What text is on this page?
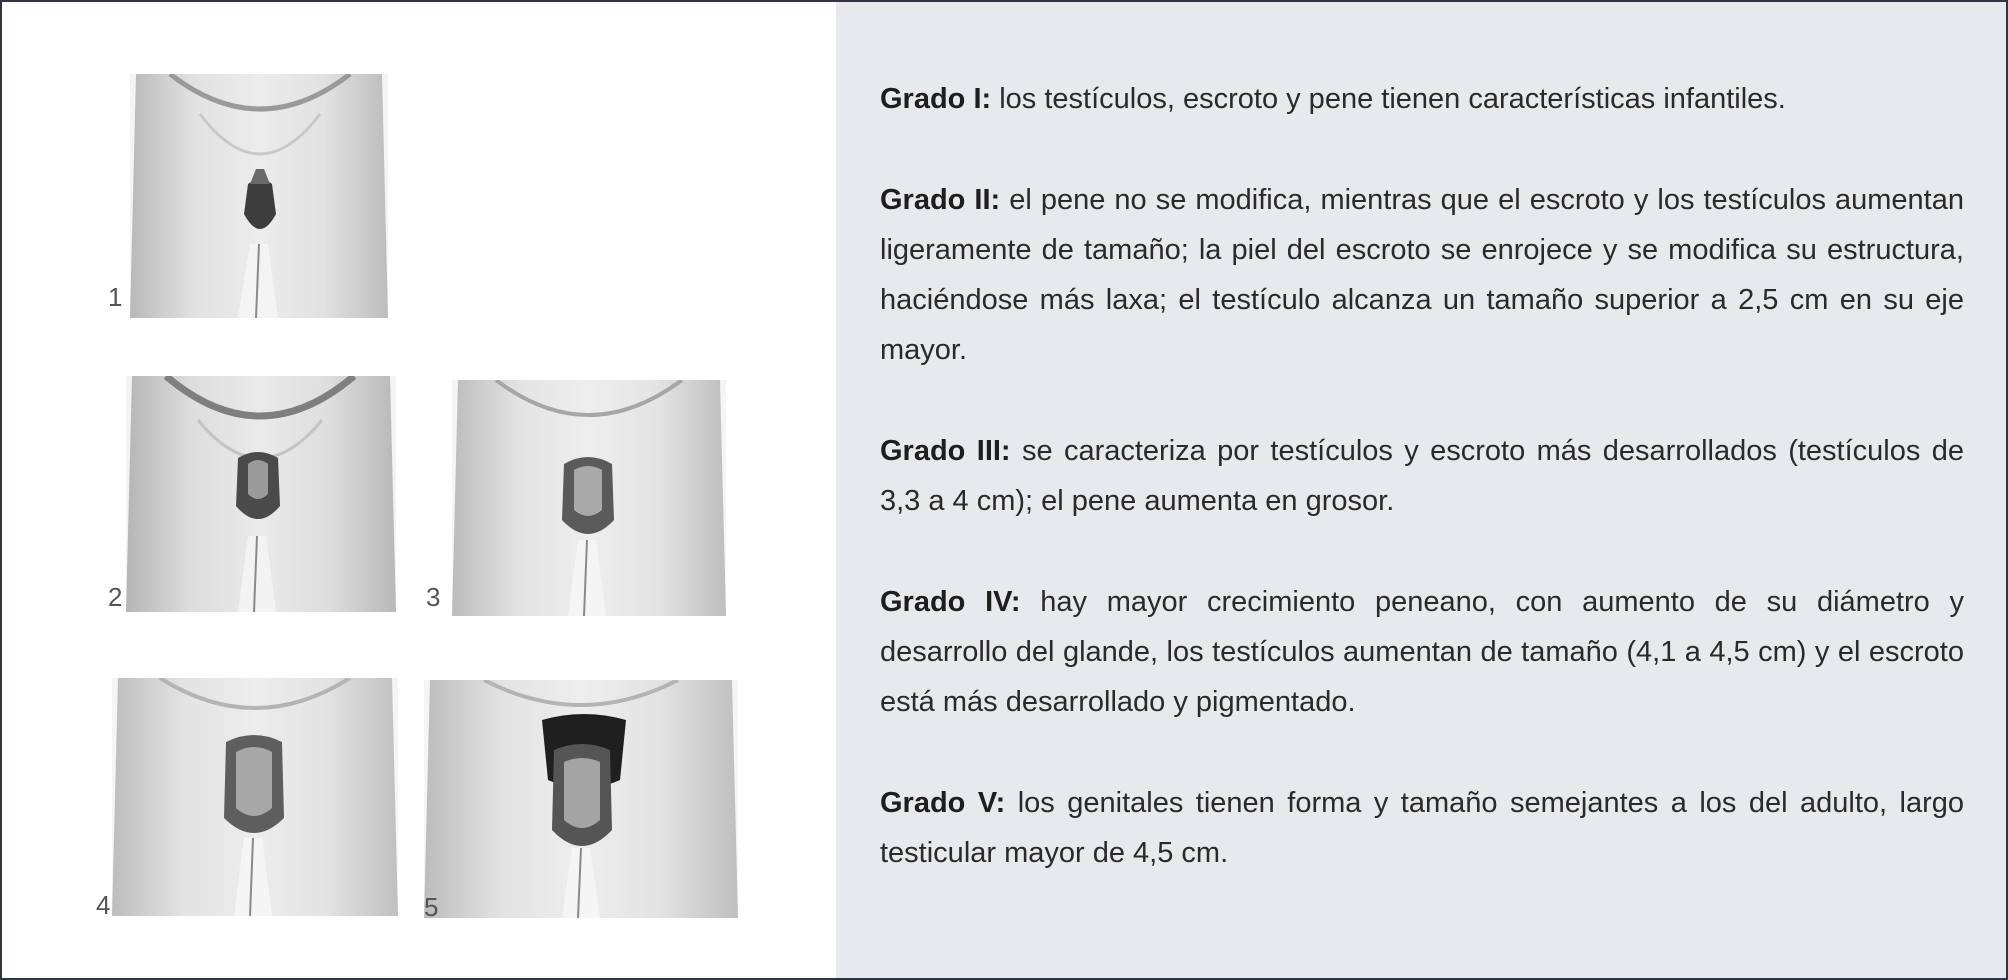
1
2	3
4	5

Grado I: los testículos, escroto y pene tienen características infantiles.

Grado II: el pene no se modifica, mientras que el escroto y los testículos aumentan ligeramente de tamaño; la piel del escroto se enrojece y se modifica su estructura, haciéndose más laxa; el testículo alcanza un tamaño superior a 2,5 cm en su eje mayor.

Grado III: se caracteriza por testículos y escroto más desarrollados (testículos de 3,3 a 4 cm); el pene aumenta en grosor.

Grado IV: hay mayor crecimiento peneano, con aumento de su diámetro y desarrollo del glande, los testículos aumentan de tamaño (4,1 a 4,5 cm) y el escroto está más desarrollado y pigmentado.

Grado V: los genitales tienen forma y tamaño semejantes a los del adulto, largo testicular mayor de 4,5 cm.
